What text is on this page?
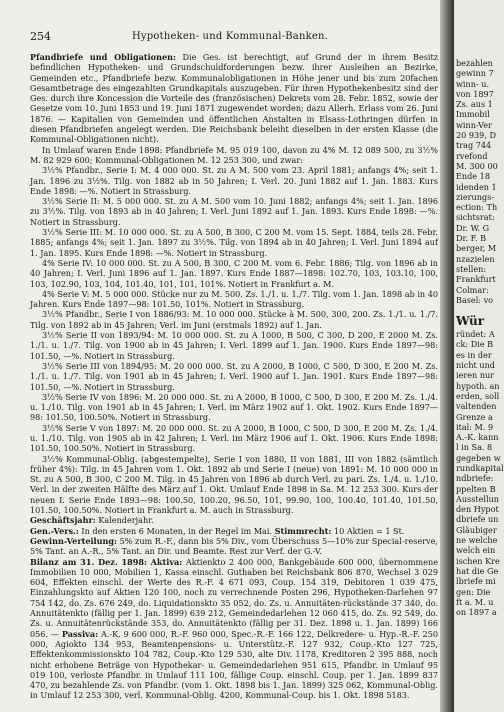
254	Hypotheken- und Kommunal-Banken.

Pfandbriefe und Obligationen: Die Ges. ist berechtigt, auf Grund der in ihrem Besitz befindlichen Hypotheken- und Grundschuldforderungen bezw. ihrer Ausleihen an Bezirke, Gemeinden etc., Pfandbriefe bezw. Kommunalobligationen in Höhe jener und bis zum 20fachen Gesamtbetrage des eingezahlten Grundkapitals auszugeben. Für ihren Hypothekenbesitz sind der Ges. durch ihre Koncession die Vorteile des (französischen) Dekrets vom 28. Febr. 1852, sowie der Gesetze vom 10. Juni 1853 und 19. Juni 1871 zugewendet worden; dazu Allerh. Erlass vom 26. Juni 1876. — Kapitalien von Gemeinden und öffentlichen Anstalten in Elsass-Lothringen dürfen in diesen Pfandbriefen angelegt werden. Die Reichsbank beleiht dieselben in der ersten Klasse (die Kommunal-Obligationen nicht).

In Umlauf waren Ende 1898: Pfandbriefe M. 95 019 100, davon zu 4% M. 12 089 500, zu 3½% M. 82 929 600; Kommunal-Obligationen M. 12 253 300, und zwar:

3½% Pfandbr., Serie I: M. 4 000 000. St. zu A M. 500 vom 23. April 1881; anfangs 4%; seit 1. Jan. 1896 zu 3½%. Tilg. von 1882 ab in 50 Jahren; I. Verl. 20. Juni 1882 auf 1. Jan. 1883. Kurs Ende 1898: —%. Notiert in Strassburg.

3½% Serie II: M. 5 000 000. St. zu A M. 500 vom 10. Juni 1882; anfangs 4%; seit 1. Jan. 1896 zu 3½%. Tilg. von 1893 ab in 40 Jahren; I. Verl. Juni 1892 auf 1. Jan. 1893. Kurs Ende 1898: —%. Notiert in Strassburg.

3½% Serie III: M. 10 000 000. St. zu A 500, B 300, C 200 M. vom 15. Sept. 1884, teils 28. Febr. 1885; anfangs 4%; seit 1. Jan. 1897 zu 3½%. Tilg. von 1894 ab in 40 Jahren; I. Verl. Juni 1894 auf 1. Jan. 1895. Kurs Ende 1898: —%. Notiert in Strassburg.

4% Serie IV: 10 000 000. St. zu A 500, B 300, C 200 M. vom 6. Febr. 1886; Tilg. von 1896 ab in 40 Jahren; I. Verl. Juni 1896 auf 1. Jan. 1897. Kurs Ende 1887—1898: 102.70, 103, 103.10, 100, 103, 102.90, 103, 104, 101.40, 101, 101, 101%. Notiert in Frankfurt a. M.

4% Serie V: M. 5 000 000. Stücke nur zu M. 500. Zs. 1./1. u. 1./7. Tilg. vom 1. Jan. 1898 ab in 40 Jahren. Kurs Ende 1897—98: 101.50, 101%. Notiert in Strassburg.

3½% Pfandbr., Serie I von 1886/93: M. 10 000 000. Stücke à M. 500, 300, 200. Zs. 1./1. u. 1./7. Tilg. von 1892 ab in 45 Jahren; Verl. im Juni (erstmals 1892) auf 1. Jan.

3½% Serie II von 1893/94: M. 10 000 000. St. zu A 1000, B 500, C 300, D 200, E 2000 M. Zs. 1./1. u. 1./7. Tilg. von 1900 ab in 45 Jahren; I. Verl. 1899 auf 1. Jan. 1900. Kurs Ende 1897—98: 101.50, —%. Notiert in Strassburg.

3½% Serie III von 1894/95: M. 20 000 000. St. zu A 2000, B 1000, C 500, D 300, E 200 M. Zs. 1./1. u. 1./7. Tilg. von 1901 ab in 45 Jahren; I. Verl. 1900 auf 1. Jan. 1901. Kurs Ende 1897—98: 101.50, —%. Notiert in Strassburg.

3½% Serie IV von 1896: M. 20 000 000. St. zu A 2000, B 1000, C 500, D 300, E 200 M. Zs. 1./4. u. 1./10. Tilg. von 1901 ab in 45 Jahren; I. Verl. im März 1902 auf 1. Okt. 1902. Kurs Ende 1897—98: 101.50, 100.50%. Notiert in Strassburg.

3½% Serie V von 1897: M. 20 000 000. St. zu A 2000, B 1000, C 500, D 300, E 200 M. Zs. 1./4. u. 1./10. Tilg. von 1905 ab in 42 Jahren; I. Verl. im März 1906 auf 1. Okt. 1906. Kurs Ende 1898: 101.50, 100.50%. Notiert in Strassburg.

3½% Kommunal-Oblig. (abgestempelte), Serie I von 1880, II von 1881, III von 1882 (sämtlich früher 4%): Tilg. in 45 Jahren vom 1. Okt. 1892 ab und Serie I (neue) von 1891: M. 10 000 000 in St. zu A 500, B 300, C 200 M. Tilg. in 45 Jahren von 1896 ab durch Verl. zu pari. Zs. 1./4. u. 1./10. Verl. in der zweiten Hälfte des März auf 1. Okt. Umlauf Ende 1898 in Sa. M. 12 253 300. Kurs der neuen I. Serie Ende 1893—98: 100.50, 100.20, 96.50, 101, 99.90, 100, 100.40, 101.40, 101.50, 101.50, 100.50%. Notiert in Frankfurt a. M. auch in Strassburg.

Geschäftsjahr: Kalenderjahr.

Gen.-Vers.: In den ersten 6 Monaten, in der Regel im Mai. Stimmrecht: 10 Aktien = 1 St.

Gewinn-Verteilung: 5% zum R.-F., dann bis 5% Div., vom Überschuss 5—10% zur Special-reserve, 5% Tant. an A.-R., 5% Tant. an Dir. und Beamte. Rest zur Verf. der G.-V.

Bilanz am 31. Dez. 1898: Aktiva: Aktienkto 2 400 000, Bankgebäude 600 000, übernommene Immobilien 10 000, Mobilien 1, Kassa einschl. Guthaben bei Reichsbank 806 870, Wechsel 3 029 604, Effekten einschl. der Werte des R.-F. 4 671 093, Coup. 154 319, Debitoren 1 039 475, Einzahlungskto auf Aktien 120 100, noch zu verrechnende Posten 296, Hypotheken-Darlehen 97 754 142, do. Zs. 676 249, do. Liquidationskto 35 052, do. Zs. u. Annuitäten-rückstände 37 340, do. Annuitätenkto (fällig per 1. Jan. 1899) 639 212, Gemeindedarlehen 12 060 415, do. Zs. 92 549, do. Zs. u. Annuitätenrückstände 353, do. Annuitätenkto (fällig per 31. Dez. 1898 u. 1. Jan. 1899) 166 056. — Passiva: A.-K. 9 600 000, R.-F. 960 000, Spec.-R.-F. 166 122, Delkredere- u. Hyp.-R.-F. 250 000, Agiokto 134 953, Beamtenpensions- u. Unterstütz.-F. 127 932, Coup.-Kto 127 725, Effektenkommissionskto 104 782, Coup.-Kto 129 530, alte Div. 1178, Kreditoren 2 395 888, noch nicht erhobene Beträge von Hypothekar- u. Gemeindedarlehen 951 615, Pfandbr. in Umlauf 95 019 100, verloste Pfandbr. in Umlauf 111 100, fällige Coup. einschl. Coup. per 1. Jan. 1899 837 470, zu bezahlende Zs. von Pfandbr. (vom 1. Okt. 1898 bis 1. Jan. 1899) 325 062, Kommunal-Oblig. in Umlauf 12 253 300, verl. Kommunal-Oblig. 4200, Kommunal-Coup. bis 1. Okt. 1898 5183.

bezahlen
gewinn 7
winn- u.
von 1897
Zs. aus 1
Immobil
winn-Ver
20 939, D
trag 744
rvefond
M. 300 00
Ende 18
idenden 1
zierungs-
ection: Th
sichtsrat:
Dr. W. G
Dr. F. B
berger, M
nzazielen
stellen:
Frankfurt
Colmar:
Basel: vo
Wür
ründet: A
ck: Die B
es in der
nicht und
ieren nur
hypoth. an
erden, soll
valtenden
Grenze a
ital: M. 9
A.-K. kann
l in Sa. 8
gegeben w
rundkapital
ndbriefe:
ppelten B
Ausstellun
den Hypot
dbriefe un
Gläubiger
ne welche
welch ein
ischen Kre
hat die Ge
lbriefe mi
gen: Die
ft a. M. u
on 1897 a
